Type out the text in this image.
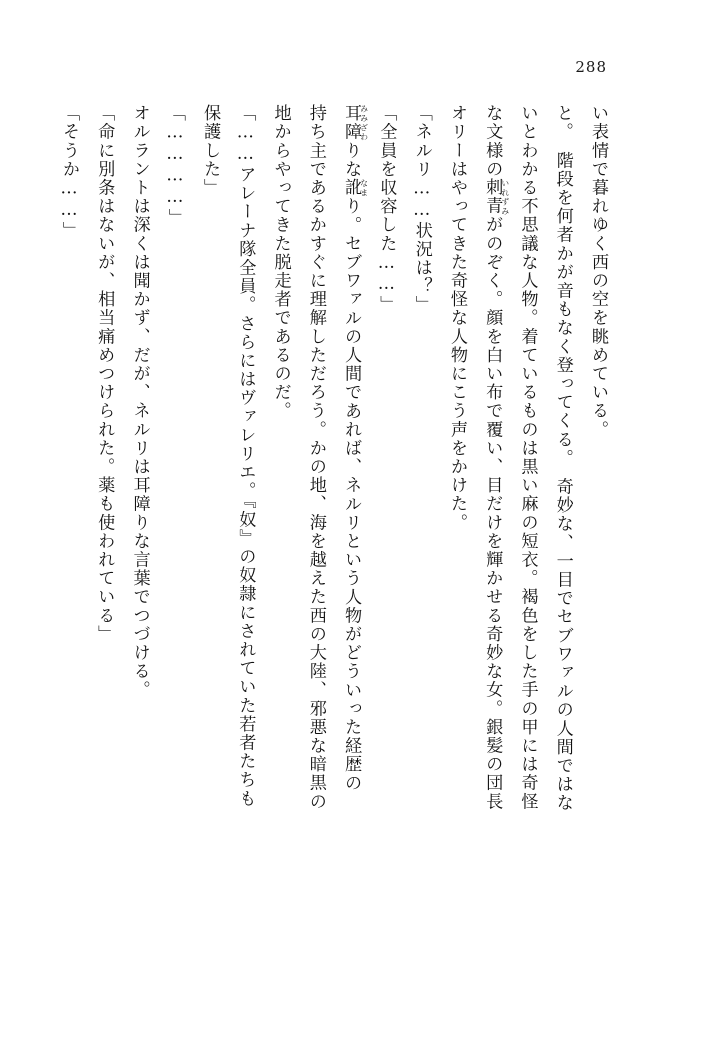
288

い表情で暮れゆく西の空を眺めている。

と。　階段を何者かが音もなく登ってくる。　奇妙な、一目でセブワァルの人間ではな

いとわかる不思議な人物。着ているものは黒い麻の短衣。褐色をした手の甲には奇怪

な文様の刺青いれずみがのぞく。顔を白い布で覆い、目だけを輝かせる奇妙な女。銀髪の団長

オリーはやってきた奇怪な人物にこう声をかけた。

「ネルリ……状況は？」

「全員を収容した……」

耳障みみざわりな訛なまり。セブワァルの人間であれば、ネルリという人物がどういった経歴の

持ち主であるかすぐに理解しただろう。かの地、海を越えた西の大陸、邪悪な暗黒の

地からやってきた脱走者であるのだ。

「……アレーナ隊全員。さらにはヴァレリエ。『奴』の奴隷にされていた若者たちも

保護した」

「…………」

オルラントは深くは聞かず、だが、ネルリは耳障りな言葉でつづける。

「命に別条はないが、相当痛めつけられた。薬も使われている」

「そうか……」
